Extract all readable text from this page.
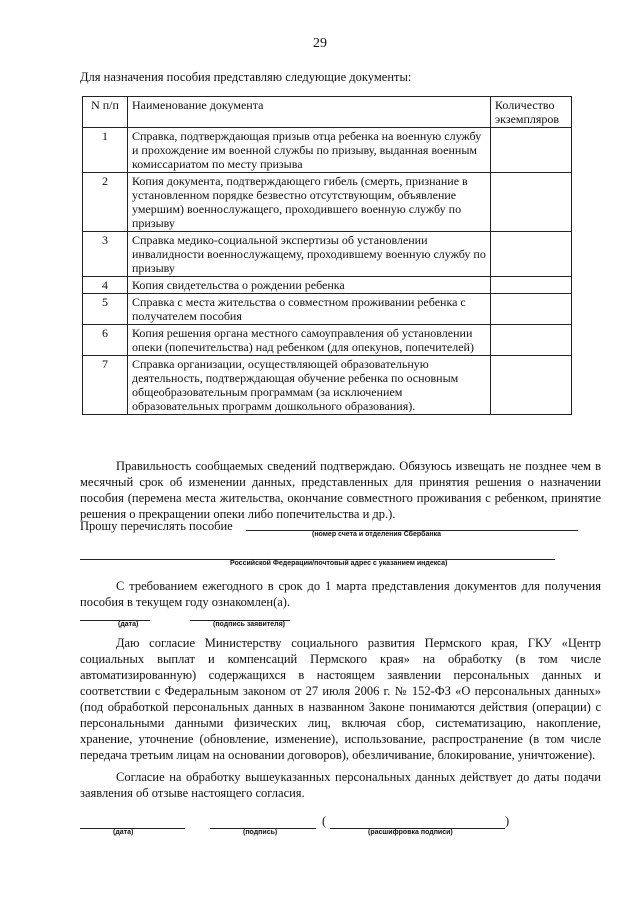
29
Для назначения пособия представляю следующие документы:
N п/п	Наименование документа	Количество экземпляров
1	Справка, подтверждающая призыв отца ребенка на военную службу и прохождение им военной службы по призыву, выданная военным комиссариатом по месту призыва	
2	Копия документа, подтверждающего гибель (смерть, признание в установленном порядке безвестно отсутствующим, объявление умершим) военнослужащего, проходившего военную службу по призыву	
3	Справка медико-социальной экспертизы об установлении инвалидности военнослужащему, проходившему военную службу по призыву	
4	Копия свидетельства о рождении ребенка	
5	Справка с места жительства о совместном проживании ребенка с получателем пособия	
6	Копия решения органа местного самоуправления об установлении опеки (попечительства) над ребенком (для опекунов, попечителей)	
7	Справка организации, осуществляющей образовательную деятельность, подтверждающая обучение ребенка по основным общеобразовательным программам (за исключением образовательных программ дошкольного образования).	
Правильность сообщаемых сведений подтверждаю. Обязуюсь извещать не позднее чем в месячный срок об изменении данных, представленных для принятия решения о назначении пособия (перемена места жительства, окончание совместного проживания с ребенком, принятие решения о прекращении опеки либо попечительства и др.).
Прошу перечислять пособие
(номер счета и отделения Сбербанка
Российской Федерации/почтовый адрес с указанием индекса)
С требованием ежегодного в срок до 1 марта представления документов для получения пособия в текущем году ознакомлен(а).
(дата)	(подпись заявителя)
Даю согласие Министерству социального развития Пермского края, ГКУ «Центр социальных выплат и компенсаций Пермского края» на обработку (в том числе автоматизированную) содержащихся в настоящем заявлении персональных данных и соответствии с Федеральным законом от 27 июля 2006 г. № 152-ФЗ «О персональных данных» (под обработкой персональных данных в названном Законе понимаются действия (операции) с персональными данными физических лиц, включая сбор, систематизацию, накопление, хранение, уточнение (обновление, изменение), использование, распространение (в том числе передача третьим лицам на основании договоров), обезличивание, блокирование, уничтожение).
Согласие на обработку вышеуказанных персональных данных действует до даты подачи заявления об отзыве настоящего согласия.
(дата)	(подпись)
(	)
(расшифровка подписи)
